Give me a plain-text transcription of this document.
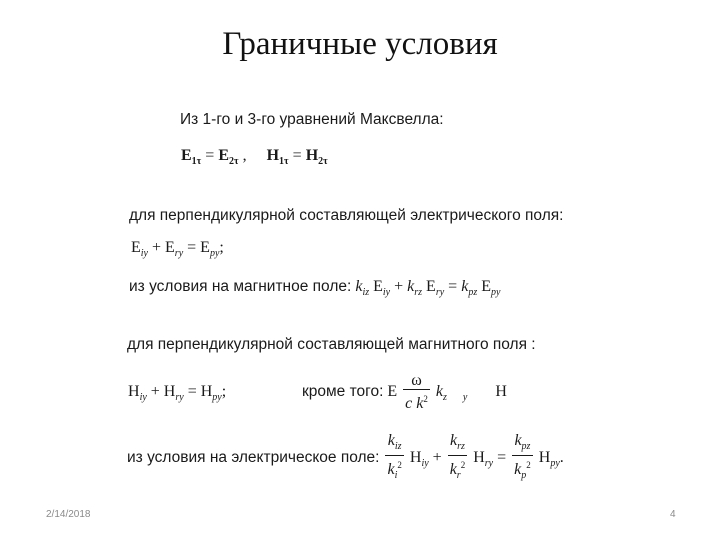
Граничные условия
Из 1-го и 3-го уравнений Максвелла:
$E_{1\tau} = E_{2\tau}$ ,     $H_{1\tau} = H_{2\tau}$
для перпендикулярной составляющей электрического поля:
$E_{iy} + E_{ry} = E_{py}$;
из условия на магнитное поле: $k_{iz}$ $E_{iy} + k_{rz}$ $E_{ry} = k_{pz}$ $E_{py}$
для перпендикулярной составляющей магнитного поля :
$H_{iy} + H_{ry} = H_{py}$;	кроме того: E $\frac{\omega}{c k^2} k_z$ $_y$       H
из условия на электрическое поле: $\frac{k_{iz}}{k_i^2} H_{iy} + \frac{k_{rz}}{k_r^2} H_{ry} = \frac{k_{pz}}{k_p^2} H_{py}$.
2/14/2018	4
